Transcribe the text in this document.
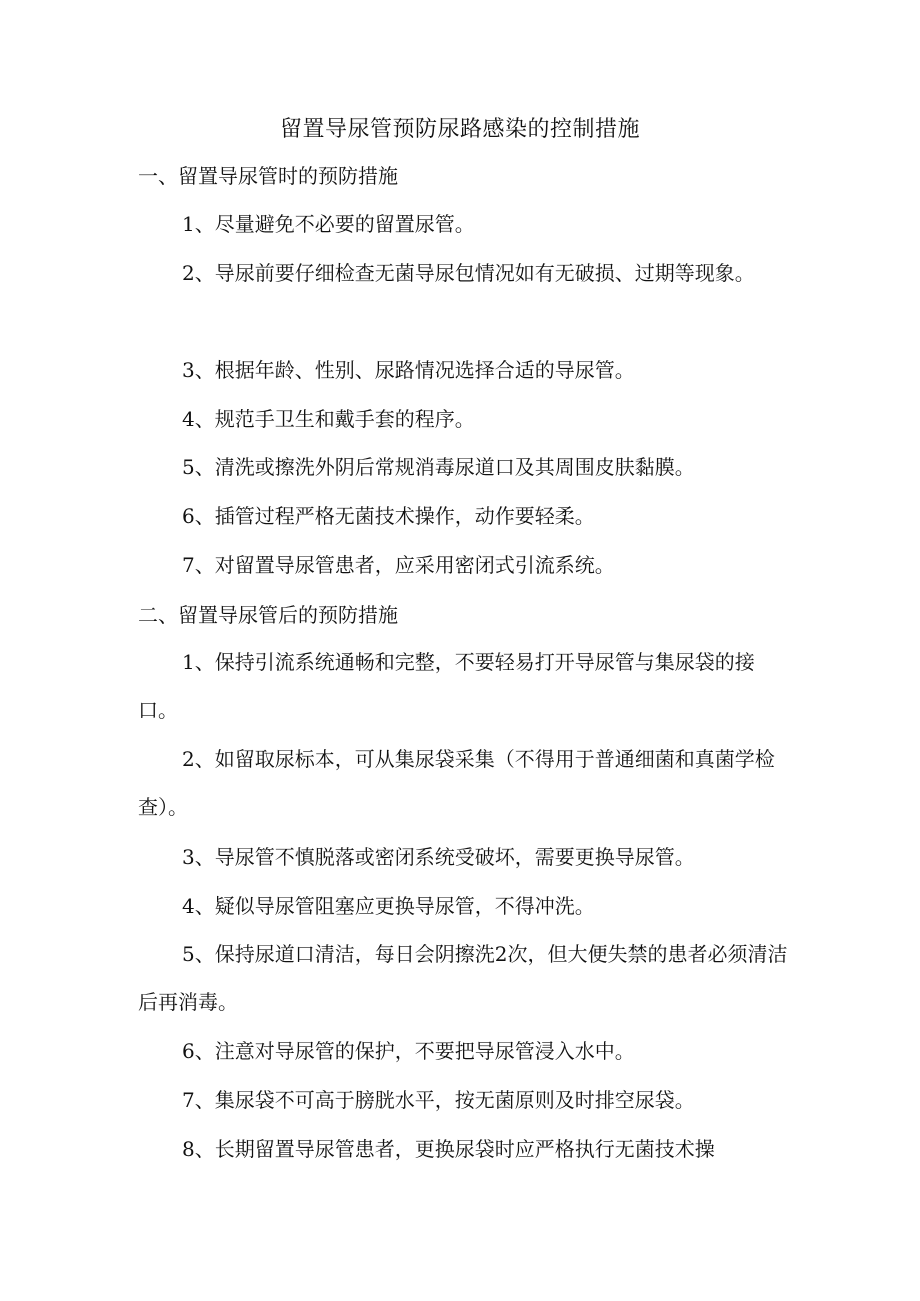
留置导尿管预防尿路感染的控制措施
一、留置导尿管时的预防措施
1、尽量避免不必要的留置尿管。
2、导尿前要仔细检查无菌导尿包情况如有无破损、过期等现象。
3、根据年龄、性别、尿路情况选择合适的导尿管。
4、规范手卫生和戴手套的程序。
5、清洗或擦洗外阴后常规消毒尿道口及其周围皮肤黏膜。
6、插管过程严格无菌技术操作，动作要轻柔。
7、对留置导尿管患者，应采用密闭式引流系统。
二、留置导尿管后的预防措施
1、保持引流系统通畅和完整，不要轻易打开导尿管与集尿袋的接口。
2、如留取尿标本，可从集尿袋采集（不得用于普通细菌和真菌学检查）。
3、导尿管不慎脱落或密闭系统受破坏，需要更换导尿管。
4、疑似导尿管阻塞应更换导尿管，不得冲洗。
5、保持尿道口清洁，每日会阴擦洗2次，但大便失禁的患者必须清洁后再消毒。
6、注意对导尿管的保护，不要把导尿管浸入水中。
7、集尿袋不可高于膀胱水平，按无菌原则及时排空尿袋。
8、长期留置导尿管患者，更换尿袋时应严格执行无菌技术操
